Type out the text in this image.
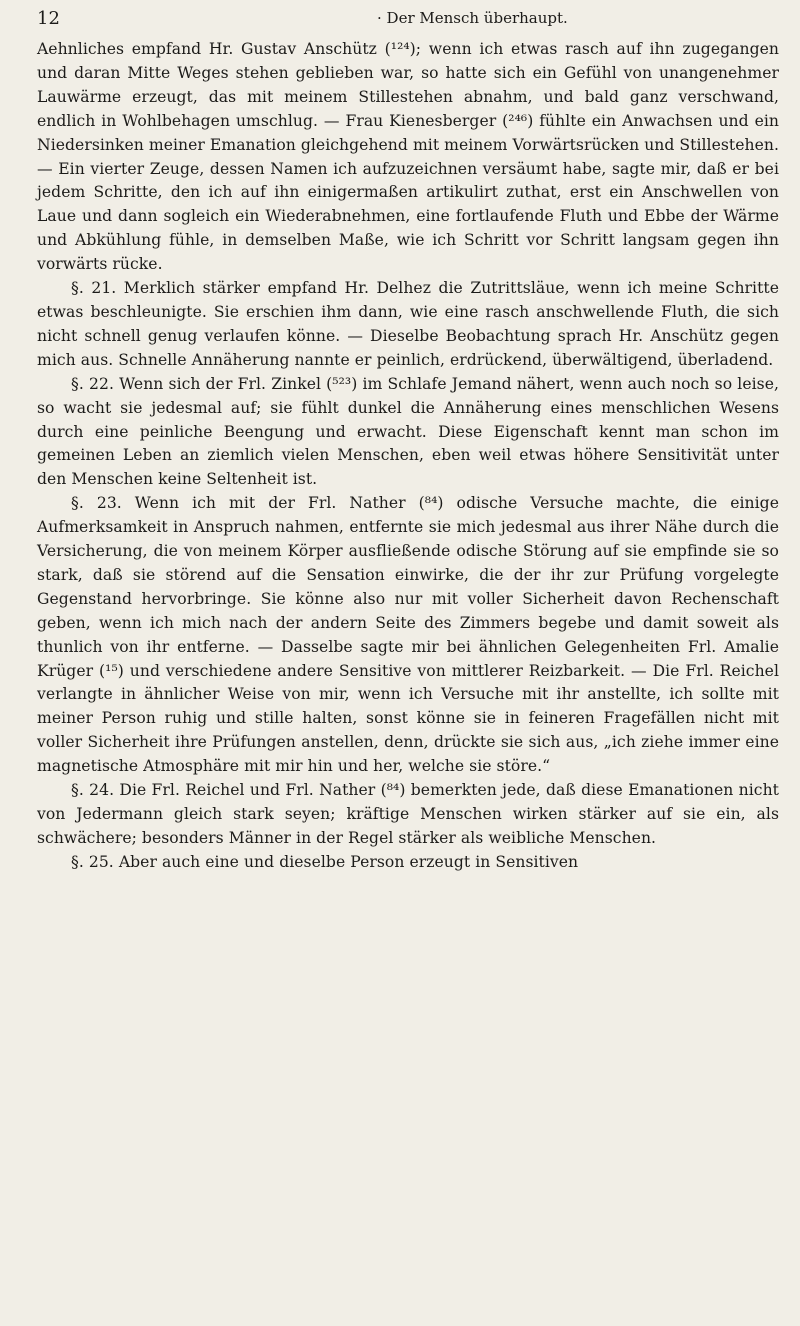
12	· Der Mensch überhaupt.

Aehnliches empfand Hr. Gustav Anschütz (¹²⁴); wenn ich etwas rasch auf ihn zugegangen und daran Mitte Weges stehen geblieben war, so hatte sich ein Gefühl von unangenehmer Lauwärme erzeugt, das mit meinem Stillestehen abnahm, und bald ganz verschwand, endlich in Wohlbehagen umschlug. — Frau Kienesberger (²⁴⁶) fühlte ein Anwachsen und ein Niedersinken meiner Emanation gleichgehend mit meinem Vorwärtsrücken und Stillestehen. — Ein vierter Zeuge, dessen Namen ich aufzuzeichnen versäumt habe, sagte mir, daß er bei jedem Schritte, den ich auf ihn einigermaßen artikulirt zuthat, erst ein Anschwellen von Laue und dann sogleich ein Wiederabnehmen, eine fortlaufende Fluth und Ebbe der Wärme und Abkühlung fühle, in demselben Maße, wie ich Schritt vor Schritt langsam gegen ihn vorwärts rücke.

§. 21. Merklich stärker empfand Hr. Delhez die Zutrittsläue, wenn ich meine Schritte etwas beschleunigte. Sie erschien ihm dann, wie eine rasch anschwellende Fluth, die sich nicht schnell genug verlaufen könne. — Dieselbe Beobachtung sprach Hr. Anschütz gegen mich aus. Schnelle Annäherung nannte er peinlich, erdrückend, überwältigend, überladend.

§. 22. Wenn sich der Frl. Zinkel (⁵²³) im Schlafe Jemand nähert, wenn auch noch so leise, so wacht sie jedesmal auf; sie fühlt dunkel die Annäherung eines menschlichen Wesens durch eine peinliche Beengung und erwacht. Diese Eigenschaft kennt man schon im gemeinen Leben an ziemlich vielen Menschen, eben weil etwas höhere Sensitivität unter den Menschen keine Seltenheit ist.

§. 23. Wenn ich mit der Frl. Nather (⁸⁴) odische Versuche machte, die einige Aufmerksamkeit in Anspruch nahmen, entfernte sie mich jedesmal aus ihrer Nähe durch die Versicherung, die von meinem Körper ausfließende odische Störung auf sie empfinde sie so stark, daß sie störend auf die Sensation einwirke, die der ihr zur Prüfung vorgelegte Gegenstand hervorbringe. Sie könne also nur mit voller Sicherheit davon Rechenschaft geben, wenn ich mich nach der andern Seite des Zimmers begebe und damit soweit als thunlich von ihr entferne. — Dasselbe sagte mir bei ähnlichen Gelegenheiten Frl. Amalie Krüger (¹⁵) und verschiedene andere Sensitive von mittlerer Reizbarkeit. — Die Frl. Reichel verlangte in ähnlicher Weise von mir, wenn ich Versuche mit ihr anstellte, ich sollte mit meiner Person ruhig und stille halten, sonst könne sie in feineren Fragefällen nicht mit voller Sicherheit ihre Prüfungen anstellen, denn, drückte sie sich aus, „ich ziehe immer eine magnetische Atmosphäre mit mir hin und her, welche sie störe.“

§. 24. Die Frl. Reichel und Frl. Nather (⁸⁴) bemerkten jede, daß diese Emanationen nicht von Jedermann gleich stark seyen; kräftige Menschen wirken stärker auf sie ein, als schwächere; besonders Männer in der Regel stärker als weibliche Menschen.

§. 25. Aber auch eine und dieselbe Person erzeugt in Sensitiven
